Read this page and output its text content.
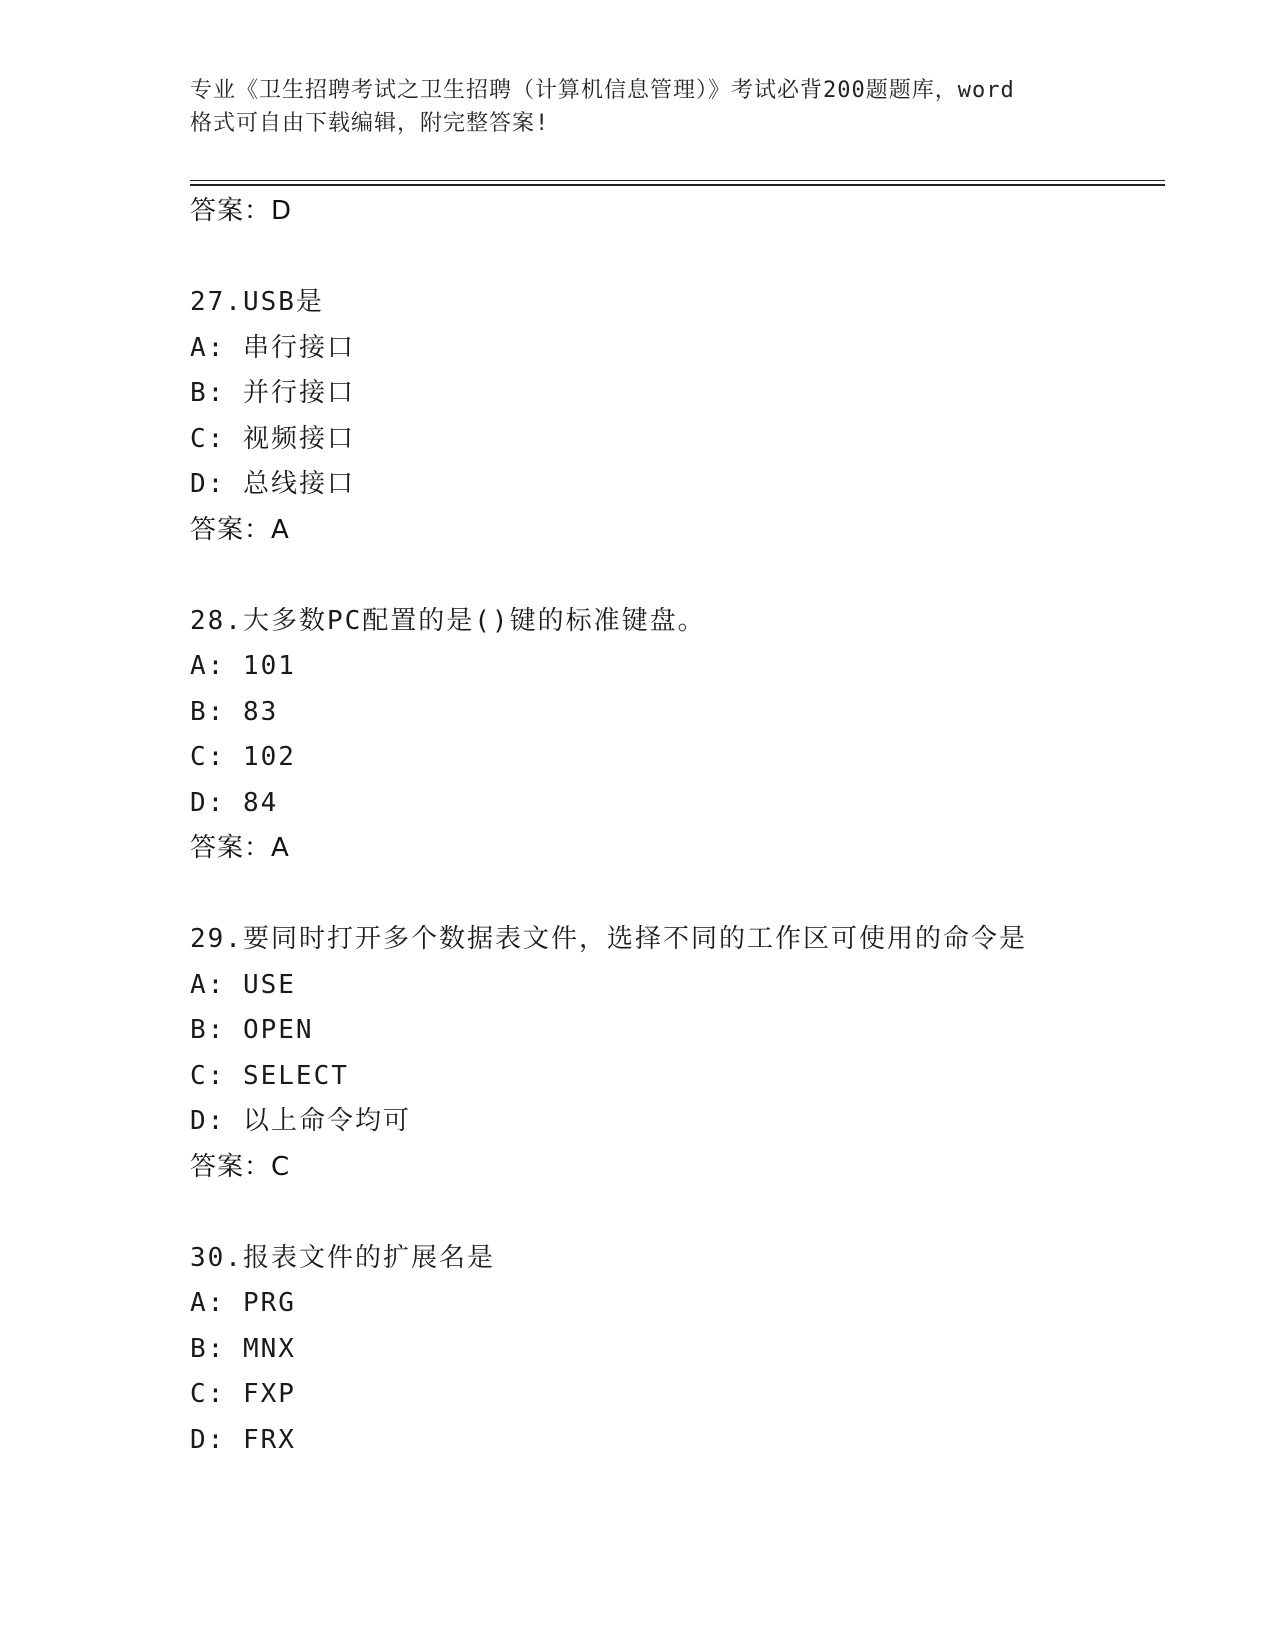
专业《卫生招聘考试之卫生招聘（计算机信息管理）》考试必背200题题库，word
格式可自由下载编辑，附完整答案!
答案：D
27.USB是
A: 串行接口
B: 并行接口
C: 视频接口
D: 总线接口
答案：A
28.大多数PC配置的是()键的标准键盘。
A: 101
B: 83
C: 102
D: 84
答案：A
29.要同时打开多个数据表文件，选择不同的工作区可使用的命令是
A: USE
B: OPEN
C: SELECT
D: 以上命令均可
答案：C
30.报表文件的扩展名是
A: PRG
B: MNX
C: FXP
D: FRX
